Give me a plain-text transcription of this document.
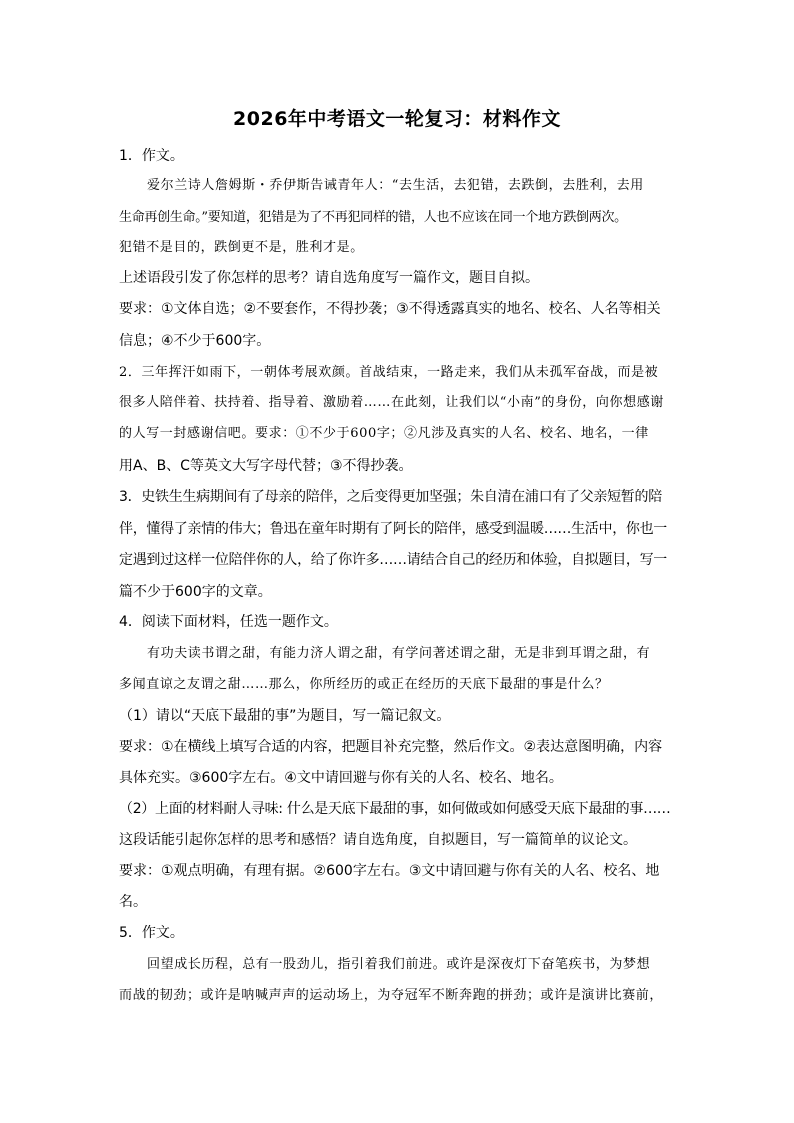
2026年中考语文一轮复习：材料作文
1．作文。
爱尔兰诗人詹姆斯・乔伊斯告诫青年人：“去生活，去犯错，去跌倒，去胜利，去用
生命再创生命。”要知道，犯错是为了不再犯同样的错，人也不应该在同一个地方跌倒两次。
犯错不是目的，跌倒更不是，胜利才是。
上述语段引发了你怎样的思考？请自选角度写一篇作文，题目自拟。
要求：①文体自选；②不要套作，不得抄袭；③不得透露真实的地名、校名、人名等相关
信息；④不少于600字。
2．三年挥汗如雨下，一朝体考展欢颜。首战结束，一路走来，我们从未孤军奋战，而是被
很多人陪伴着、扶持着、指导着、激励着……在此刻，让我们以“小南”的身份，向你想感谢
的人写一封感谢信吧。要求：①不少于600字；②凡涉及真实的人名、校名、地名，一律
用A、B、C等英文大写字母代替；③不得抄袭。
3．史铁生生病期间有了母亲的陪伴，之后变得更加坚强；朱自清在浦口有了父亲短暂的陪
伴，懂得了亲情的伟大；鲁迅在童年时期有了阿长的陪伴，感受到温暖……生活中，你也一
定遇到过这样一位陪伴你的人，给了你许多……请结合自己的经历和体验，自拟题目，写一
篇不少于600字的文章。
4．阅读下面材料，任选一题作文。
有功夫读书谓之甜，有能力济人谓之甜，有学问著述谓之甜，无是非到耳谓之甜，有
多闻直谅之友谓之甜……那么，你所经历的或正在经历的天底下最甜的事是什么？
（1）请以“天底下最甜的事”为题目，写一篇记叙文。
要求：①在横线上填写合适的内容，把题目补充完整，然后作文。②表达意图明确，内容
具体充实。③600字左右。④文中请回避与你有关的人名、校名、地名。
（2）上面的材料耐人寻味: 什么是天底下最甜的事，如何做或如何感受天底下最甜的事……
这段话能引起你怎样的思考和感悟？请自选角度，自拟题目，写一篇简单的议论文。
要求：①观点明确，有理有据。②600字左右。③文中请回避与你有关的人名、校名、地
名。
5．作文。
回望成长历程，总有一股劲儿，指引着我们前进。或许是深夜灯下奋笔疾书，为梦想
而战的韧劲；或许是呐喊声声的运动场上，为夺冠军不断奔跑的拼劲；或许是演讲比赛前，
